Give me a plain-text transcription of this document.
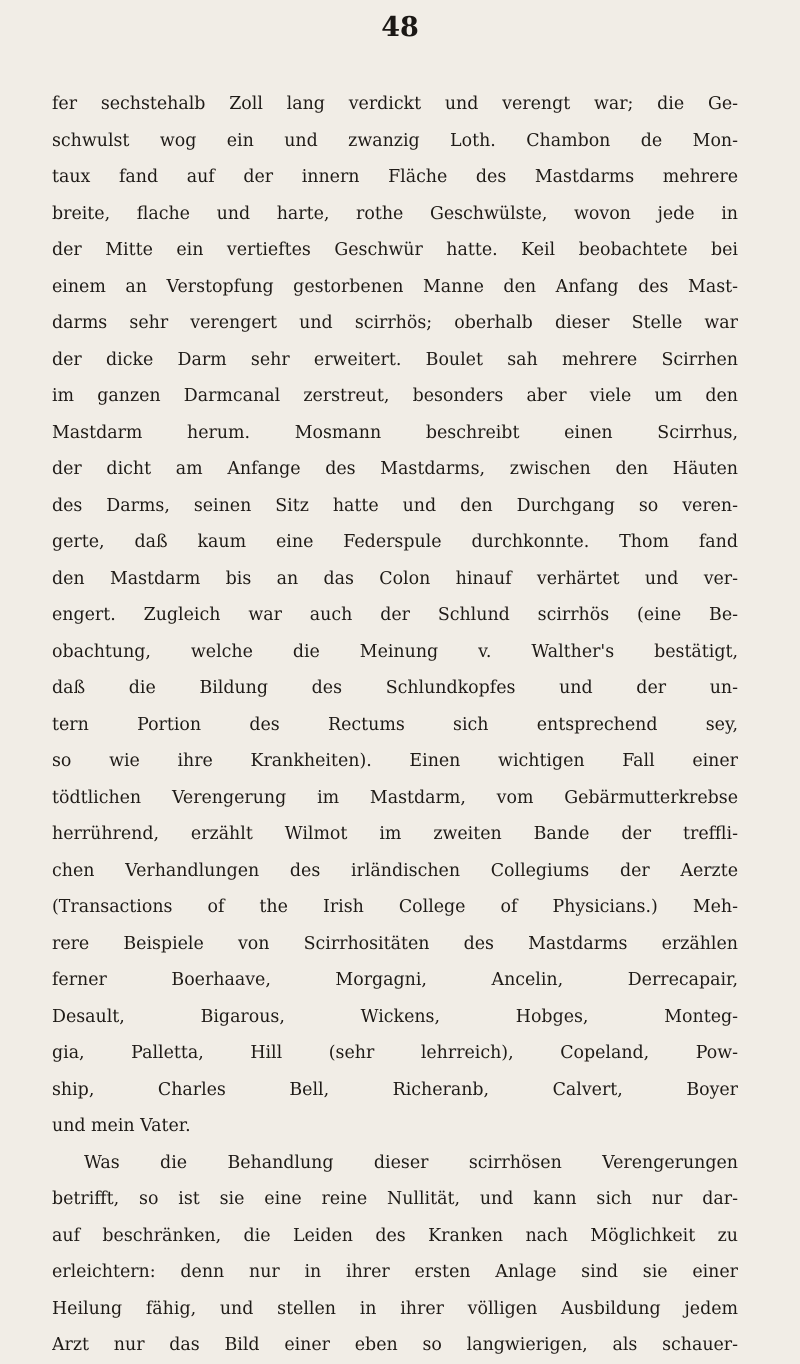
48
fer sechstehalb Zoll lang verdickt und verengt war; die Ge-
schwulst wog ein und zwanzig Loth. Chambon de Mon-
taux fand auf der innern Fläche des Mastdarms mehrere
breite, flache und harte, rothe Geschwülste, wovon jede in
der Mitte ein vertieftes Geschwür hatte. Keil beobachtete bei
einem an Verstopfung gestorbenen Manne den Anfang des Mast-
darms sehr verengert und scirrhös; oberhalb dieser Stelle war
der dicke Darm sehr erweitert. Boulet sah mehrere Scirrhen
im ganzen Darmcanal zerstreut, besonders aber viele um den
Mastdarm herum. Mosmann beschreibt einen Scirrhus,
der dicht am Anfange des Mastdarms, zwischen den Häuten
des Darms, seinen Sitz hatte und den Durchgang so veren-
gerte, daß kaum eine Federspule durchkonnte. Thom fand
den Mastdarm bis an das Colon hinauf verhärtet und ver-
engert. Zugleich war auch der Schlund scirrhös (eine Be-
obachtung, welche die Meinung v. Walther's bestätigt,
daß die Bildung des Schlundkopfes und der un-
tern Portion des Rectums sich entsprechend sey,
so wie ihre Krankheiten). Einen wichtigen Fall einer
tödtlichen Verengerung im Mastdarm, vom Gebärmutterkrebse
herrührend, erzählt Wilmot im zweiten Bande der treffli-
chen Verhandlungen des irländischen Collegiums der Aerzte
(Transactions of the Irish College of Physicians.) Meh-
rere Beispiele von Scirrhositäten des Mastdarms erzählen
ferner Boerhaave, Morgagni, Ancelin, Derrecapair,
Desault, Bigarous, Wickens, Hobges, Monteg-
gia, Palletta, Hill (sehr lehrreich), Copeland, Pow-
ship, Charles Bell, Richeranb, Calvert, Boyer
und mein Vater.
Was die Behandlung dieser scirrhösen Verengerungen
betrifft, so ist sie eine reine Nullität, und kann sich nur dar-
auf beschränken, die Leiden des Kranken nach Möglichkeit zu
erleichtern: denn nur in ihrer ersten Anlage sind sie einer
Heilung fähig, und stellen in ihrer völligen Ausbildung jedem
Arzt nur das Bild einer eben so langwierigen, als schauer-
